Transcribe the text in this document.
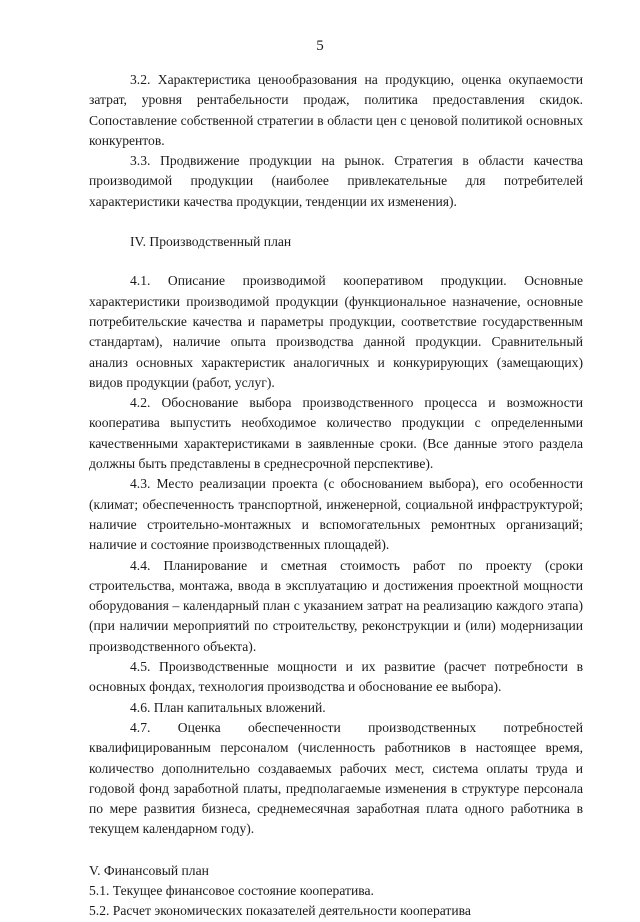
5

3.2. Характеристика ценообразования на продукцию, оценка окупаемости затрат, уровня рентабельности продаж, политика предоставления скидок. Сопоставление собственной стратегии в области цен с ценовой политикой основных конкурентов.

3.3. Продвижение продукции на рынок. Стратегия в области качества производимой продукции (наиболее привлекательные для потребителей характеристики качества продукции, тенденции их изменения).

IV. Производственный план

4.1. Описание производимой кооперативом продукции. Основные характеристики производимой продукции (функциональное назначение, основные потребительские качества и параметры продукции, соответствие государственным стандартам), наличие опыта производства данной продукции. Сравнительный анализ основных характеристик аналогичных и конкурирующих (замещающих) видов продукции (работ, услуг).

4.2. Обоснование выбора производственного процесса и возможности кооператива выпустить необходимое количество продукции с определенными качественными характеристиками в заявленные сроки. (Все данные этого раздела должны быть представлены в среднесрочной перспективе).

4.3. Место реализации проекта (с обоснованием выбора), его особенности (климат; обеспеченность транспортной, инженерной, социальной инфраструктурой; наличие строительно-монтажных и вспомогательных ремонтных организаций; наличие и состояние производственных площадей).

4.4. Планирование и сметная стоимость работ по проекту (сроки строительства, монтажа, ввода в эксплуатацию и достижения проектной мощности оборудования – календарный план с указанием затрат на реализацию каждого этапа) (при наличии мероприятий по строительству, реконструкции и (или) модернизации производственного объекта).

4.5. Производственные мощности и их развитие (расчет потребности в основных фондах, технология производства и обоснование ее выбора).

4.6. План капитальных вложений.

4.7. Оценка обеспеченности производственных потребностей квалифицированным персоналом (численность работников в настоящее время, количество дополнительно создаваемых рабочих мест, система оплаты труда и годовой фонд заработной платы, предполагаемые изменения в структуре персонала по мере развития бизнеса, среднемесячная заработная плата одного работника в текущем календарном году).

V. Финансовый план

5.1. Текущее финансовое состояние кооператива.

5.2. Расчет экономических показателей деятельности кооператива
